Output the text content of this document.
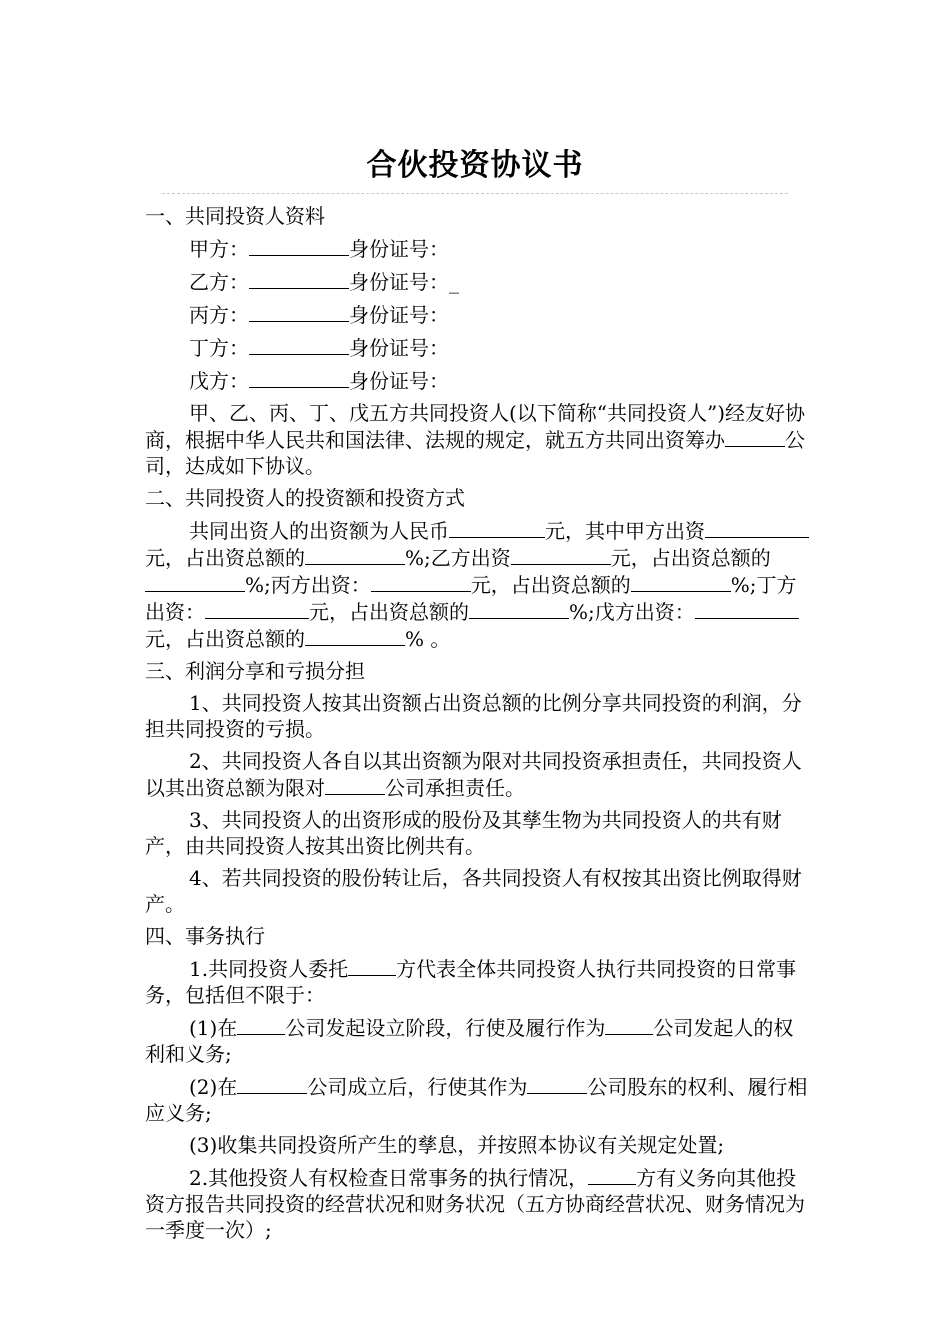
合伙投资协议书

一、共同投资人资料

甲方：	身份证号：

乙方：	身份证号：_

丙方：	身份证号：

丁方：	身份证号：

戊方：	身份证号：

甲、乙、丙、丁、戊五方共同投资人(以下简称“共同投资人”)经友好协商，根据中华人民共和国法律、法规的规定，就五方共同出资筹办	公司，达成如下协议。

二、共同投资人的投资额和投资方式

共同出资人的出资额为人民币	元，其中甲方出资元，占出资总额的	%;乙方出资	元，占出资总额的%;丙方出资：	元，占出资总额的	%;丁方出资：	元，占出资总额的	%;戊方出资：元，占出资总额的	% 。

三、利润分享和亏损分担

1、共同投资人按其出资额占出资总额的比例分享共同投资的利润，分担共同投资的亏损。

2、共同投资人各自以其出资额为限对共同投资承担责任，共同投资人以其出资总额为限对	公司承担责任。

3、共同投资人的出资形成的股份及其孳生物为共同投资人的共有财产，由共同投资人按其出资比例共有。

4、若共同投资的股份转让后，各共同投资人有权按其出资比例取得财产。

四、事务执行

1.共同投资人委托 方代表全体共同投资人执行共同投资的日常事务，包括但不限于：

(1)在 公司发起设立阶段，行使及履行作为 公司发起人的权利和义务;

(2)在	公司成立后，行使其作为	公司股东的权利、履行相应义务;

(3)收集共同投资所产生的孳息，并按照本协议有关规定处置;

2.其他投资人有权检查日常事务的执行情况， 方有义务向其他投资方报告共同投资的经营状况和财务状况（五方协商经营状况、财务情况为一季度一次）;
